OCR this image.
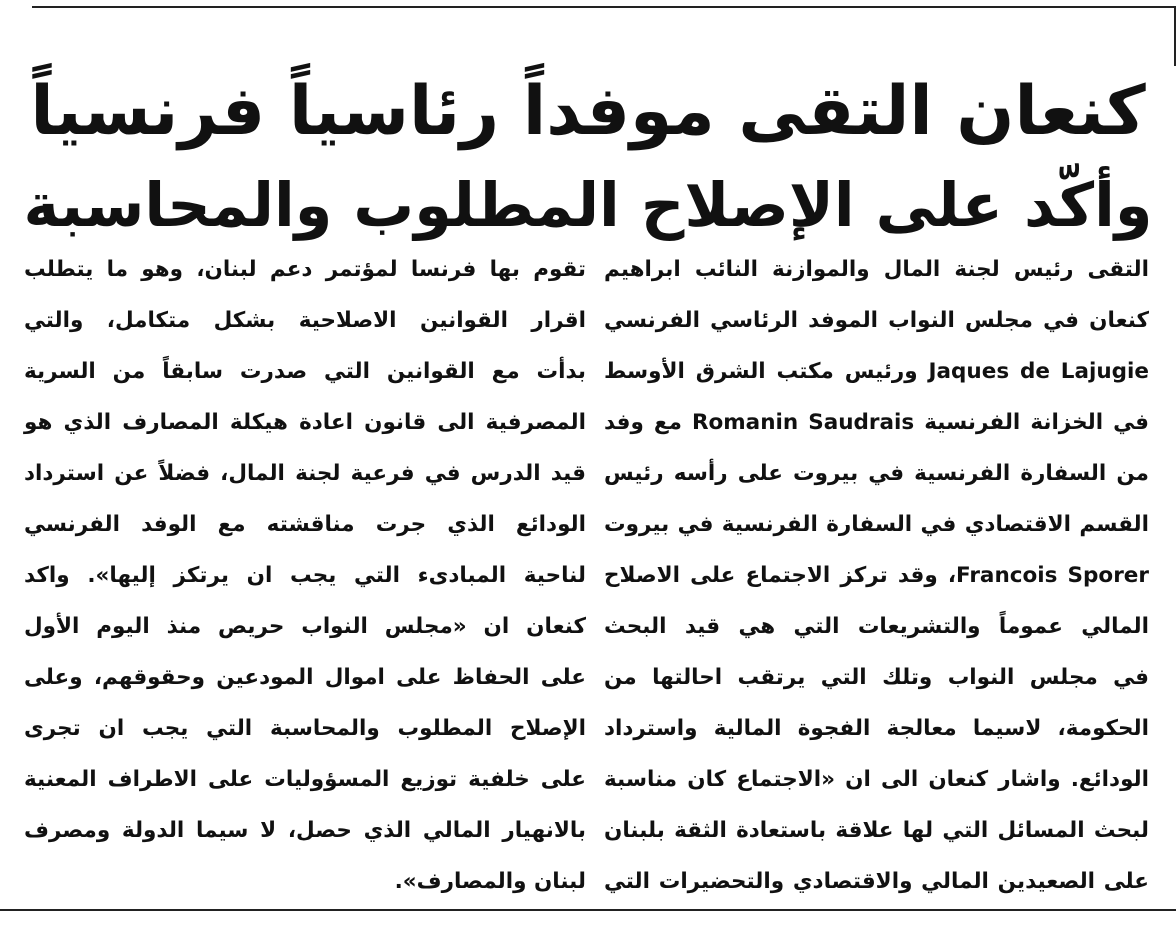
كنعان التقى موفداً رئاسياً فرنسياً
وأكّد على الإصلاح المطلوب والمحاسبة
التقى رئيس لجنة المال والموازنة النائب ابراهيم
كنعان في مجلس النواب الموفد الرئاسي الفرنسي
Jaques de Lajugie ورئيس مكتب الشرق الأوسط
في الخزانة الفرنسية Romanin Saudrais مع وفد
من السفارة الفرنسية في بيروت على رأسه رئيس
القسم الاقتصادي في السفارة الفرنسية في بيروت
Francois Sporer، وقد تركز الاجتماع على الاصلاح
المالي عموماً والتشريعات التي هي قيد البحث
في مجلس النواب وتلك التي يرتقب احالتها من
الحكومة، لاسيما معالجة الفجوة المالية واسترداد
الودائع. واشار كنعان الى ان «الاجتماع كان مناسبة
لبحث المسائل التي لها علاقة باستعادة الثقة بلبنان
على الصعيدين المالي والاقتصادي والتحضيرات التي
تقوم بها فرنسا لمؤتمر دعم لبنان، وهو ما يتطلب
اقرار القوانين الاصلاحية بشكل متكامل، والتي
بدأت مع القوانين التي صدرت سابقاً من السرية
المصرفية الى قانون اعادة هيكلة المصارف الذي هو
قيد الدرس في فرعية لجنة المال، فضلاً عن استرداد
الودائع الذي جرت مناقشته مع الوفد الفرنسي
لناحية المبادىء التي يجب ان يرتكز إليها». واكد
كنعان ان «مجلس النواب حريص منذ اليوم الأول
على الحفاظ على اموال المودعين وحقوقهم، وعلى
الإصلاح المطلوب والمحاسبة التي يجب ان تجرى
على خلفية توزيع المسؤوليات على الاطراف المعنية
بالانهيار المالي الذي حصل، لا سيما الدولة ومصرف
لبنان والمصارف».
